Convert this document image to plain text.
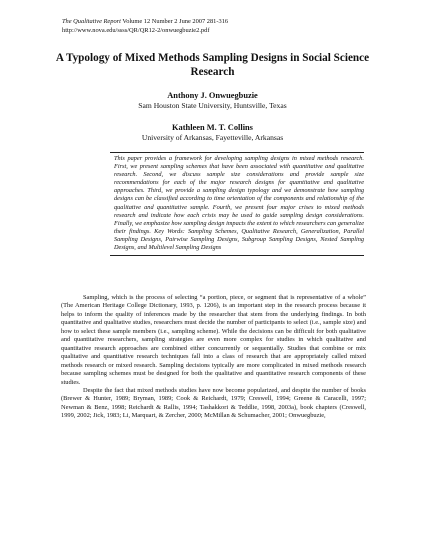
The Qualitative Report Volume 12 Number 2 June 2007 281-316
http://www.nova.edu/ssss/QR/QR12-2/onwuegbuzie2.pdf
A Typology of Mixed Methods Sampling Designs in Social Science Research
Anthony J. Onwuegbuzie
Sam Houston State University, Huntsville, Texas
Kathleen M. T. Collins
University of Arkansas, Fayetteville, Arkansas
This paper provides a framework for developing sampling designs in mixed methods research. First, we present sampling schemes that have been associated with quantitative and qualitative research. Second, we discuss sample size considerations and provide sample size recommendations for each of the major research designs for quantitative and qualitative approaches. Third, we provide a sampling design typology and we demonstrate how sampling designs can be classified according to time orientation of the components and relationship of the qualitative and quantitative sample. Fourth, we present four major crises to mixed methods research and indicate how each crisis may be used to guide sampling design considerations. Finally, we emphasize how sampling design impacts the extent to which researchers can generalize their findings. Key Words: Sampling Schemes, Qualitative Research, Generalization, Parallel Sampling Designs, Pairwise Sampling Designs, Subgroup Sampling Designs, Nested Sampling Designs, and Multilevel Sampling Designs

Sampling, which is the process of selecting “a portion, piece, or segment that is representative of a whole” (The American Heritage College Dictionary, 1993, p. 1206), is an important step in the research process because it helps to inform the quality of inferences made by the researcher that stem from the underlying findings. In both quantitative and qualitative studies, researchers must decide the number of participants to select (i.e., sample size) and how to select these sample members (i.e., sampling scheme). While the decisions can be difficult for both qualitative and quantitative researchers, sampling strategies are even more complex for studies in which qualitative and quantitative research approaches are combined either concurrently or sequentially. Studies that combine or mix qualitative and quantitative research techniques fall into a class of research that are appropriately called mixed methods research or mixed research. Sampling decisions typically are more complicated in mixed methods research because sampling schemes must be designed for both the qualitative and quantitative research components of these studies.

Despite the fact that mixed methods studies have now become popularized, and despite the number of books (Brewer & Hunter, 1989; Bryman, 1989; Cook & Reichardt, 1979; Creswell, 1994; Greene & Caracelli, 1997; Newman & Benz, 1998; Reichardt & Rallis, 1994; Tashakkori & Teddlie, 1998, 2003a), book chapters (Creswell, 1999, 2002; Jick, 1983; Li, Marquart, & Zercher, 2000; McMillan & Schumacher, 2001; Onwuegbuzie,
